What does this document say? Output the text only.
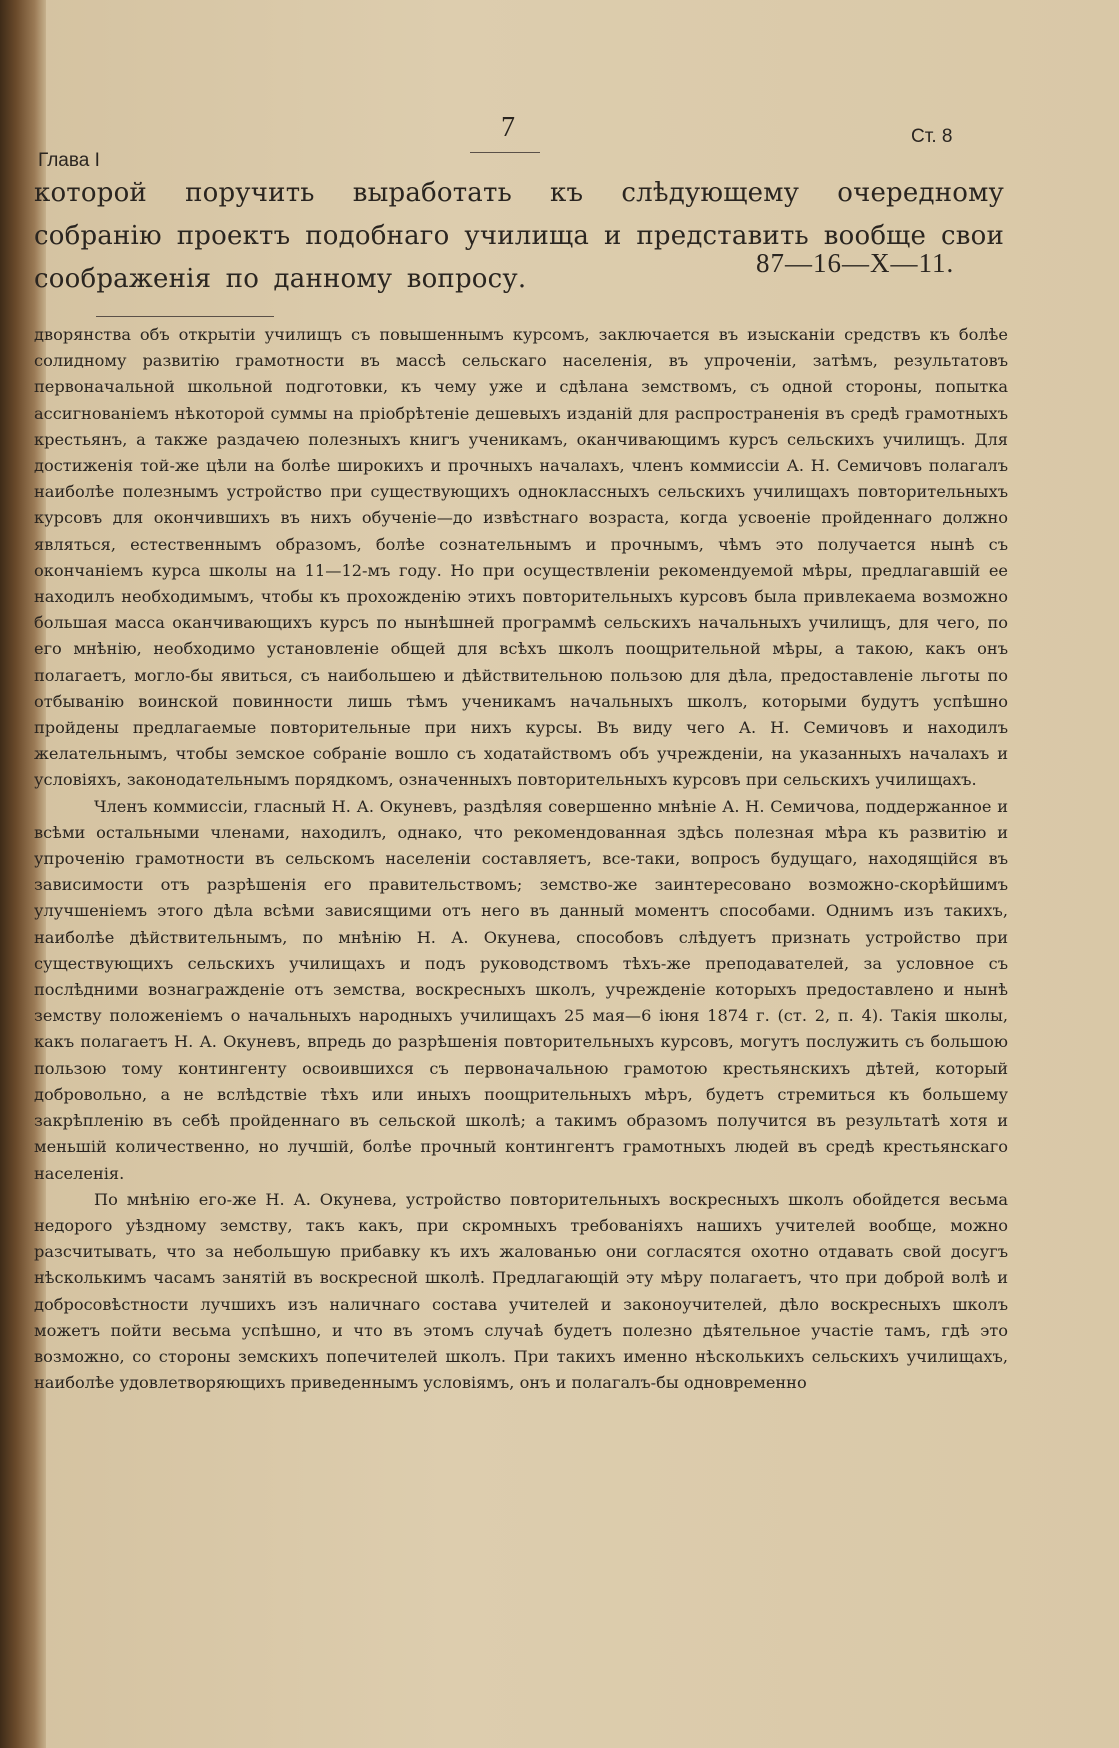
Глава I
7	Ст. 8

которой поручить выработать къ слѣдующему очередному собранію проектъ подобнаго училища и представить вообще свои соображенія по данному вопросу.

87—16—X—11.

дворянства объ открытіи училищъ съ повышеннымъ курсомъ, заключается въ изысканіи средствъ къ болѣе солидному развитію грамотности въ массѣ сельскаго населенія, въ упроченіи, затѣмъ, результатовъ первоначальной школьной подготовки, къ чему уже и сдѣлана земствомъ, съ одной стороны, попытка ассигнованіемъ нѣкоторой суммы на пріобрѣтеніе дешевыхъ изданій для распространенія въ средѣ грамотныхъ крестьянъ, а также раздачею полезныхъ книгъ ученикамъ, оканчивающимъ курсъ сельскихъ училищъ. Для достиженія той-же цѣли на болѣе широкихъ и прочныхъ началахъ, членъ коммиссіи А. Н. Семичовъ полагалъ наиболѣе полезнымъ устройство при существующихъ одноклассныхъ сельскихъ училищахъ повторительныхъ курсовъ для окончившихъ въ нихъ обученіе—до извѣстнаго возраста, когда усвоеніе пройденнаго должно являться, естественнымъ образомъ, болѣе сознательнымъ и прочнымъ, чѣмъ это получается нынѣ съ окончаніемъ курса школы на 11—12-мъ году. Но при осуществленіи рекомендуемой мѣры, предлагавшій ее находилъ необходимымъ, чтобы къ прохожденію этихъ повторительныхъ курсовъ была привлекаема возможно большая масса оканчивающихъ курсъ по нынѣшней программѣ сельскихъ начальныхъ училищъ, для чего, по его мнѣнію, необходимо установленіе общей для всѣхъ школъ поощрительной мѣры, а такою, какъ онъ полагаетъ, могло-бы явиться, съ наибольшею и дѣйствительною пользою для дѣла, предоставленіе льготы по отбыванію воинской повинности лишь тѣмъ ученикамъ начальныхъ школъ, которыми будутъ успѣшно пройдены предлагаемые повторительные при нихъ курсы. Въ виду чего А. Н. Семичовъ и находилъ желательнымъ, чтобы земское собраніе вошло съ ходатайствомъ объ учрежденіи, на указанныхъ началахъ и условіяхъ, законодательнымъ порядкомъ, означенныхъ повторительныхъ курсовъ при сельскихъ училищахъ.

Членъ коммиссіи, гласный Н. А. Окуневъ, раздѣляя совершенно мнѣніе А. Н. Семичова, поддержанное и всѣми остальными членами, находилъ, однако, что рекомендованная здѣсь полезная мѣра къ развитію и упроченію грамотности въ сельскомъ населеніи составляетъ, все-таки, вопросъ будущаго, находящійся въ зависимости отъ разрѣшенія его правительствомъ; земство-же заинтересовано возможно-скорѣйшимъ улучшеніемъ этого дѣла всѣми зависящими отъ него въ данный моментъ способами. Однимъ изъ такихъ, наиболѣе дѣйствительнымъ, по мнѣнію Н. А. Окунева, способовъ слѣдуетъ признать устройство при существующихъ сельскихъ училищахъ и подъ руководствомъ тѣхъ-же преподавателей, за условное съ послѣдними вознагражденіе отъ земства, воскресныхъ школъ, учрежденіе которыхъ предоставлено и нынѣ земству положеніемъ о начальныхъ народныхъ училищахъ 25 мая—6 іюня 1874 г. (ст. 2, п. 4). Такія школы, какъ полагаетъ Н. А. Окуневъ, впредь до разрѣшенія повторительныхъ курсовъ, могутъ послужить съ большою пользою тому контингенту освоившихся съ первоначальною грамотою крестьянскихъ дѣтей, который добровольно, а не вслѣдствіе тѣхъ или иныхъ поощрительныхъ мѣръ, будетъ стремиться къ большему закрѣпленію въ себѣ пройденнаго въ сельской школѣ; а такимъ образомъ получится въ результатѣ хотя и меньшій количественно, но лучшій, болѣе прочный контингентъ грамотныхъ людей въ средѣ крестьянскаго населенія.

По мнѣнію его-же Н. А. Окунева, устройство повторительныхъ воскресныхъ школъ обойдется весьма недорого уѣздному земству, такъ какъ, при скромныхъ требованіяхъ нашихъ учителей вообще, можно разсчитывать, что за небольшую прибавку къ ихъ жалованью они согласятся охотно отдавать свой досугъ нѣсколькимъ часамъ занятій въ воскресной школѣ. Предлагающій эту мѣру полагаетъ, что при доброй волѣ и добросовѣстности лучшихъ изъ наличнаго состава учителей и законоучителей, дѣло воскресныхъ школъ можетъ пойти весьма успѣшно, и что въ этомъ случаѣ будетъ полезно дѣятельное участіе тамъ, гдѣ это возможно, со стороны земскихъ попечителей школъ. При такихъ именно нѣсколькихъ сельскихъ училищахъ, наиболѣе удовлетворяющихъ приведеннымъ условіямъ, онъ и полагалъ-бы одновременно
